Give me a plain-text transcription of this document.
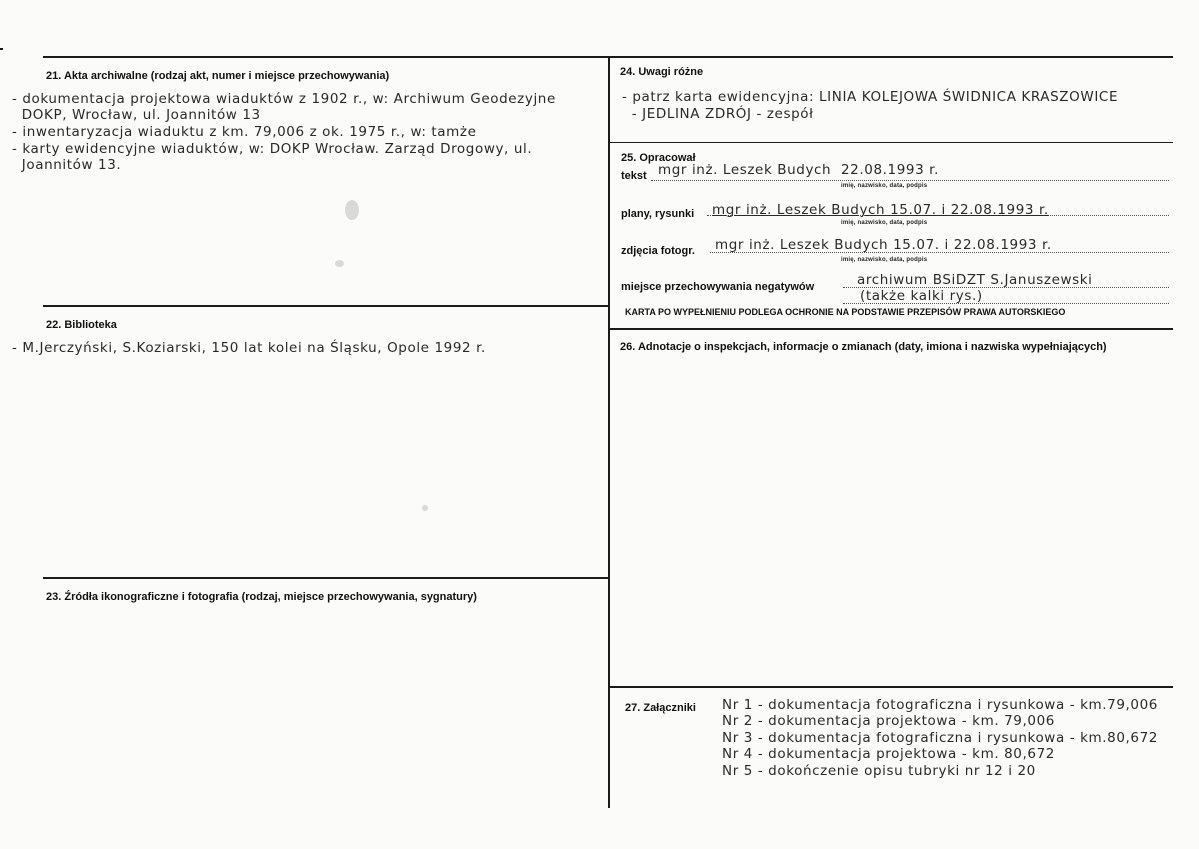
21. Akta archiwalne (rodzaj akt, numer i miejsce przechowywania)
- dokumentacja projektowa wiaduktów z 1902 r., w: Archiwum Geodezyjne
DOKP, Wrocław, ul. Joannitów 13
- inwentaryzacja wiaduktu z km. 79,006 z ok. 1975 r., w: tamże
- karty ewidencyjne wiaduktów, w: DOKP Wrocław. Zarząd Drogowy, ul.
Joannitów 13.
22. Biblioteka
- M.Jerczyński, S.Koziarski, 150 lat kolei na Śląsku, Opole 1992 r.
23. Źródła ikonograficzne i fotografia (rodzaj, miejsce przechowywania, sygnatury)
24. Uwagi różne
- patrz karta ewidencyjna: LINIA KOLEJOWA ŚWIDNICA KRASZOWICE
- JEDLINA ZDRÓJ - zespół
25. Opracował
tekst mgr inż. Leszek Budych  22.08.1993 r.
imię, nazwisko, data, podpis
plany, rysunki mgr inż. Leszek Budych 15.07. i 22.08.1993 r.
imię, nazwisko, data, podpis
zdjęcia fotogr. mgr inż. Leszek Budych 15.07. i 22.08.1993 r.
imię, nazwisko, data, podpis
miejsce przechowywania negatywów	archiwum BSiDZT S.Januszewski
(także kalki rys.)
KARTA PO WYPEŁNIENIU PODLEGA OCHRONIE NA PODSTAWIE PRZEPISÓW PRAWA AUTORSKIEGO
26. Adnotacje o inspekcjach, informacje o zmianach (daty, imiona i nazwiska wypełniających)
27. Załączniki Nr 1 - dokumentacja fotograficzna i rysunkowa - km.79,006
Nr 2 - dokumentacja projektowa - km. 79,006
Nr 3 - dokumentacja fotograficzna i rysunkowa - km.80,672
Nr 4 - dokumentacja projektowa - km. 80,672
Nr 5 - dokończenie opisu tubryki nr 12 i 20
